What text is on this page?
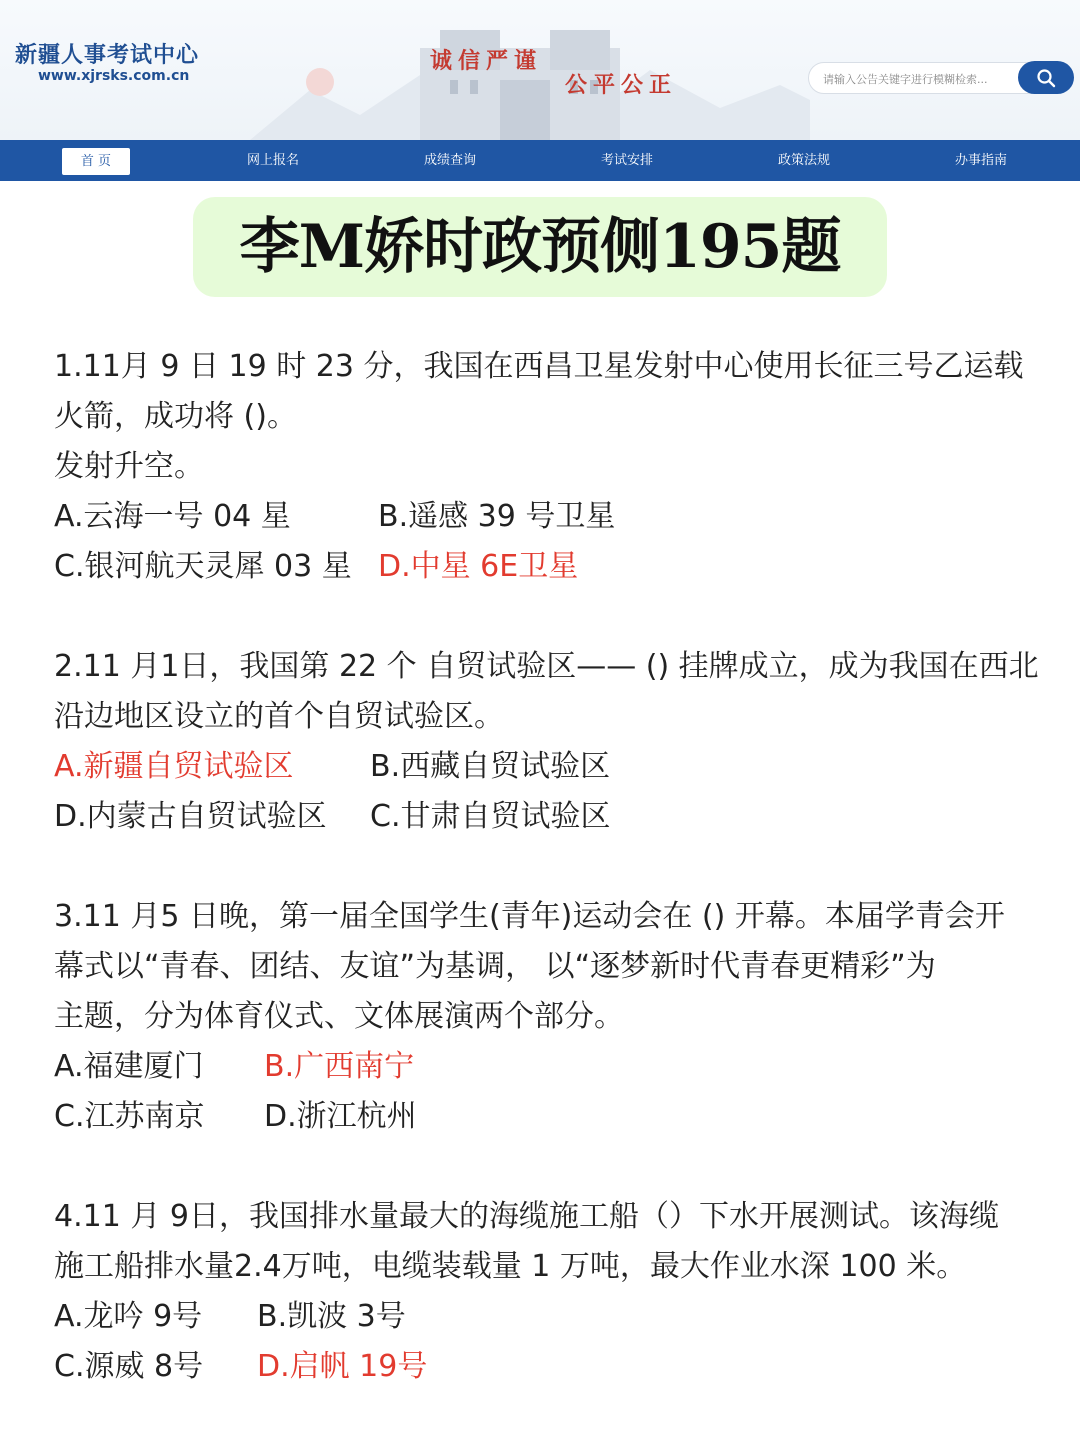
新疆人事考试中心
www.xjrsks.com.cn
诚信严谨
公平公正	请输入公告关键字进行模糊检索...
首 页	网上报名	成绩查询	考试安排	政策法规	办事指南
李M娇时政预侧195题
1.11月 9 日 19 时 23 分，我国在西昌卫星发射中心使用长征三号乙运载
火箭，成功将 ()。
发射升空。
A.云海一号 04 星	B.遥感 39 号卫星
C.银河航天灵犀 03 星 D.中星 6E卫星
2.11 月1日，我国第 22 个 自贸试验区—— () 挂牌成立，成为我国在西北
沿边地区设立的首个自贸试验区。
A.新疆自贸试验区	B.西藏自贸试验区
D.内蒙古自贸试验区 C.甘肃自贸试验区
3.11 月5 日晚，第一届全国学生(青年)运动会在 () 开幕。本届学青会开
幕式以“青春、团结、友谊”为基调， 以“逐梦新时代青春更精彩”为
主题，分为体育仪式、文体展演两个部分。
A.福建厦门 B.广西南宁
C.江苏南京 D.浙江杭州
4.11 月 9日，我国排水量最大的海缆施工船（）下水开展测试。该海缆
施工船排水量2.4万吨，电缆装载量 1 万吨，最大作业水深 100 米。
A.龙吟 9号 B.凯波 3号
C.源威 8号 D.启帆 19号
